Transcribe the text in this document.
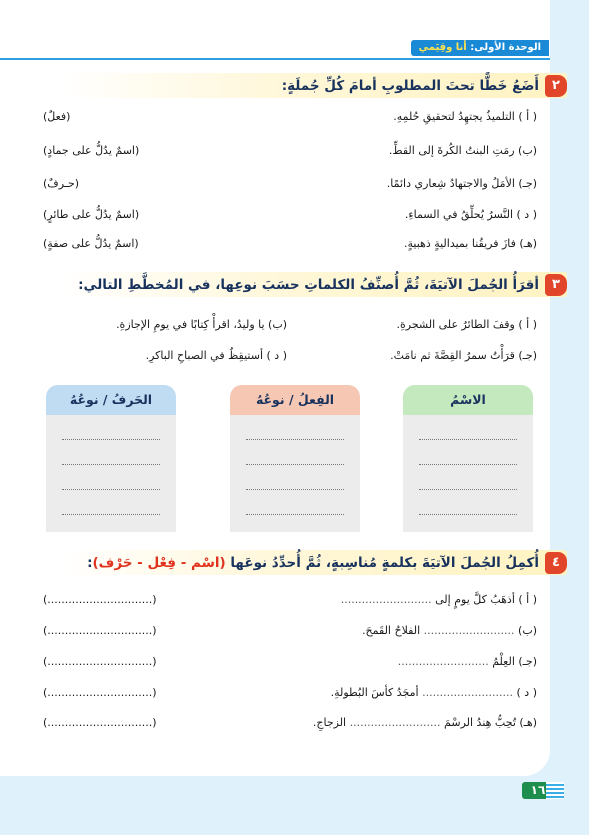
الوحدة الأولى: أنا وقِيَمي
٢
أَضَعُ خَطًّا تحتَ المطلوبِ أمامَ كُلِّ جُملَةٍ:
( أ ) التلميذُ يجتهِدُ لتحقيقِ حُلمِهِ.
(فعلٌ)
(ب) رمَتِ البنتُ الكُرةَ إلى القطِّ.
(اسمٌ يدُلُّ على جمادٍ)
(جـ) الأمَلُ والاجتهادُ شِعاري دائمًا.
(حـرفٌ)
( د ) النَّسرُ يُحلِّقُ في السماءِ.
(اسمٌ يدُلُّ على طائرٍ)
(هـ) فازَ فريقُنا بميداليةٍ ذهبيةٍ.
(اسمٌ يدُلُّ على صفةٍ)
٣
أقرَأُ الجُملَ الآتيَةَ، ثُمَّ أُصنِّفُ الكلماتِ حسَبَ نوعِها، في المُخطَّطِ التالي:
( أ ) وقفَ الطائرُ على الشجرةِ.
(ب) يا وليدُ، اقرأْ كِتابًا في يومِ الإجازةِ.
(جـ) قرَأْتُ سمرُ القِصَّةَ ثم نامَتْ.
( د ) أستيقِظُ في الصباحِ الباكرِ.
الاسْمُ
الفِعلُ / نوعُهُ
الحَرفُ / نوعُهُ
٤
أُكمِلُ الجُملَ الآتيَةَ بكلمةٍ مُناسِبةٍ، ثُمَّ أُحدِّدُ نوعَها (اسْم - فِعْل - حَرْف):
( أ ) أذهَبُ كلَّ يومٍ إلى ..........................
(..............................)
(ب) .......................... الفلاحُ القَمحَ.
(..............................)
(جـ) العِلْمُ ..........................
(..............................)
( د ) .......................... أمجَدُ كأسَ البُطولةِ.
(..............................)
(هـ) تُحِبُّ هِندُ الرسْمَ .......................... الزجاجِ.
(..............................)
١٦
